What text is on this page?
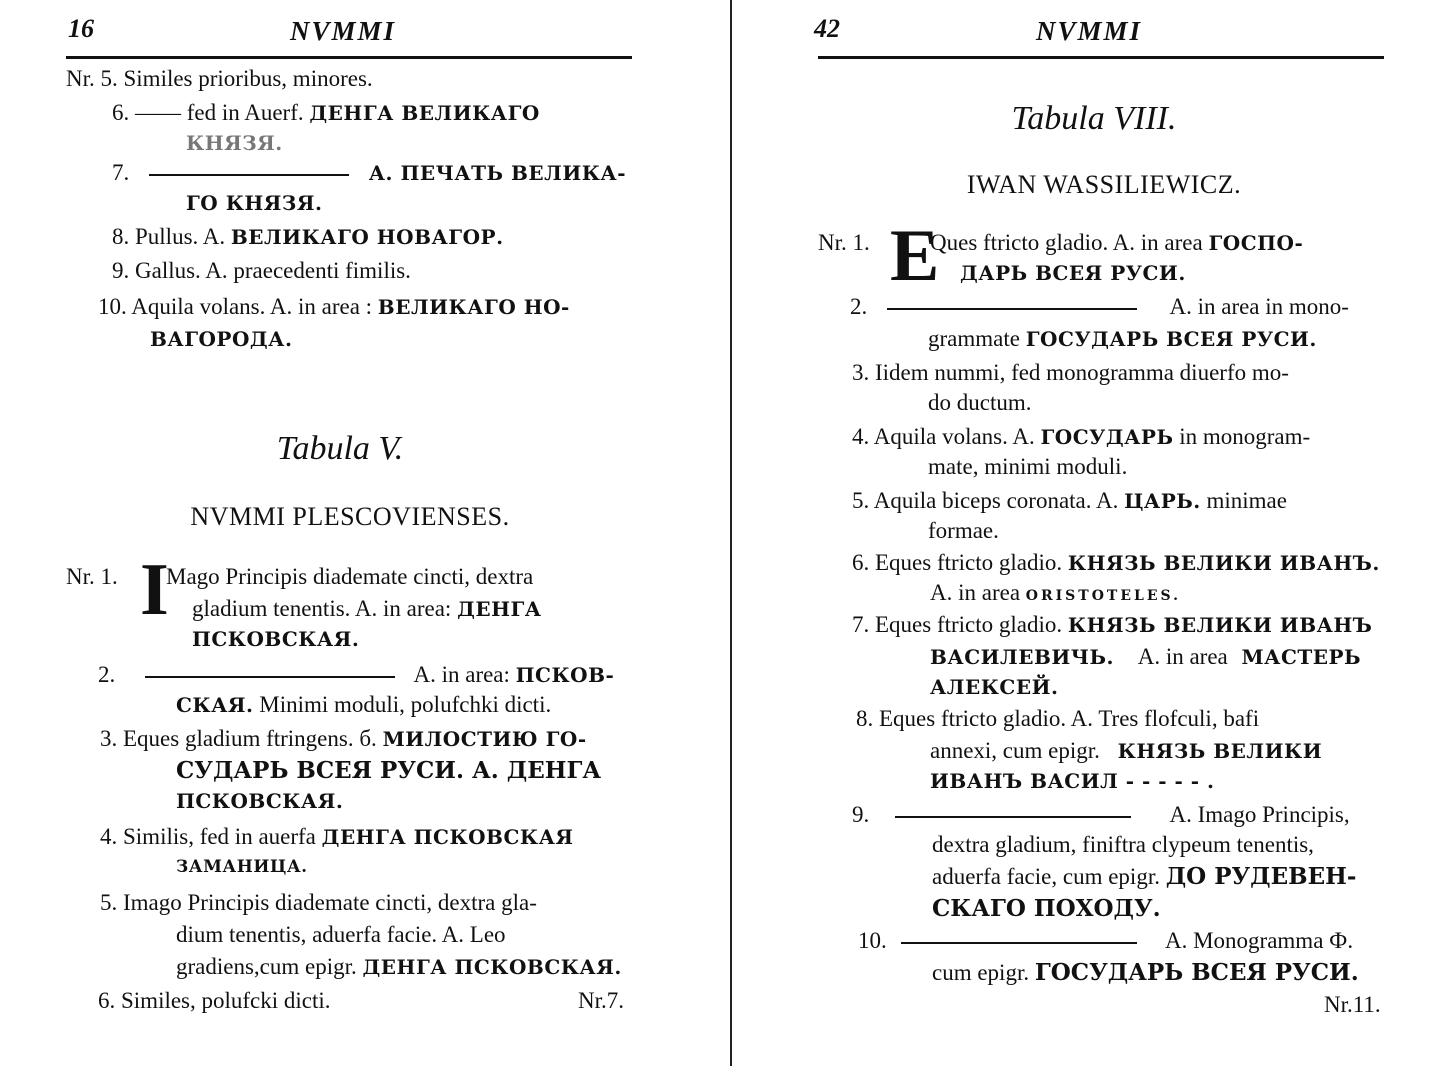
16	NVMMI
Nr. 5. Similes prioribus, minores.
6. —— fed in Auerf. ДЕНГА ВЕЛИКАГО
КНЯЗЯ.
7.	А. ПЕЧАТЬ ВЕЛИКА-
ГО КНЯЗЯ.
8. Pullus. A. ВЕЛИКАГО НОВАГОР.
9. Gallus. A. praecedenti fimilis.
10. Aquila volans. A. in area : ВЕЛИКАГО НО-
ВАГОРОДА.
Tabula V.
NVMMI PLESCOVIENSES.
Nr. 1. I
Mago Principis diademate cincti, dextra
gladium tenentis. A. in area: ДЕНГА
ПСКОВСКАЯ.
2.	A. in area: ПСКОВ-
СКАЯ. Minimi moduli, polufchki dicti.
3. Eques gladium ftringens. б. МИЛОСТИЮ ГО-
СУДАРЬ ВСЕЯ РУСИ. А. ДЕНГА
ПСКОВСКАЯ.
4. Similis, fed in auerfa ДЕНГА ПСКОВСКАЯ
ЗАМАНИЦА.
5. Imago Principis diademate cincti, dextra gla-
dium tenentis, aduerfa facie. A. Leo
gradiens,cum epigr. ДЕНГА ПСКОВСКАЯ.
6. Similes, polufcki dicti.	Nr.7.
42	NVMMI
Tabula VIII.
IWAN WASSILIEWICZ.
Nr. 1. E
Ques ftricto gladio. A. in area ГОСПО-
ДАРЬ ВСЕЯ РУСИ.
2.	A. in area in mono-
grammate ГОСУДАРЬ ВСЕЯ РУСИ.
3. Iidem nummi, fed monogramma diuerfo mo-
do ductum.
4. Aquila volans. A. ГОСУДАРЬ in monogram-
mate, minimi moduli.
5. Aquila biceps coronata. A. ЦАРЬ. minimae
formae.
6. Eques ftricto gladio. КНЯЗЬ ВЕЛИКИ ИВАНЪ.
A. in area ORISTOTELES.
7. Eques ftricto gladio. КНЯЗЬ ВЕЛИКИ ИВАНЪ
ВАСИЛЕВИЧЬ. A. in area МАСТЕРЬ
АЛЕКСЕЙ.
8. Eques ftricto gladio. A. Tres flofculi, bafi
annexi, cum epigr. КНЯЗЬ ВЕЛИКИ
ИВАНЪ ВАСИЛ - - - - - .
9.	A. Imago Principis,
dextra gladium, finiftra clypeum tenentis,
aduerfa facie, cum epigr. ДО РУДЕВЕН-
СКАГО ПОХОДУ.
10.	A. Monogramma Ф.
cum epigr. ГОСУДАРЬ ВСЕЯ РУСИ.
Nr.11.
